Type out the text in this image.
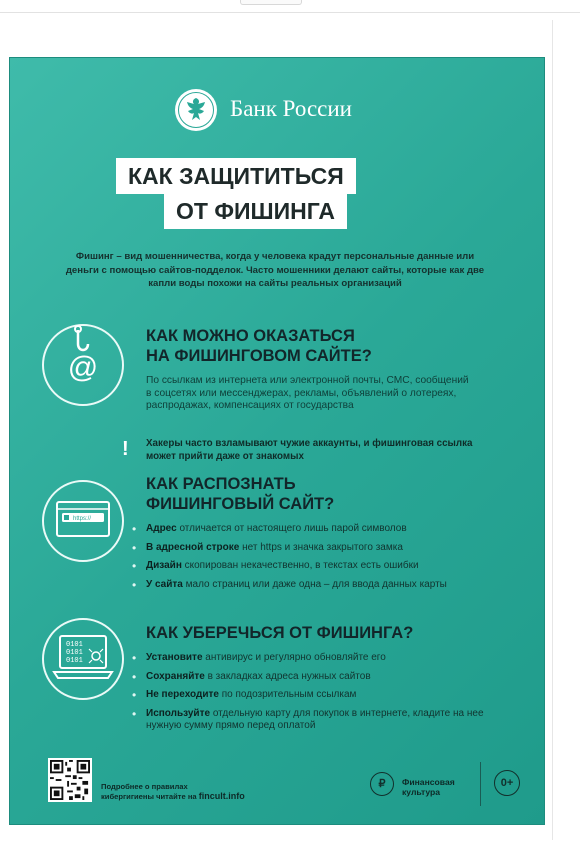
Банк России
КАК ЗАЩИТИТЬСЯ
ОТ ФИШИНГА
Фишинг – вид мошенничества, когда у человека крадут персональные данные или деньги с помощью сайтов-подделок. Часто мошенники делают сайты, которые как две капли воды похожи на сайты реальных организаций
@
КАК МОЖНО ОКАЗАТЬСЯ
НА ФИШИНГОВОМ САЙТЕ?
По ссылкам из интернета или электронной почты, СМС, сообщений в соцсетях или мессенджерах, рекламы, объявлений о лотереях, распродажах, компенсациях от государства
! Хакеры часто взламывают чужие аккаунты, и фишинговая ссылка может прийти даже от знакомых
https://
КАК РАСПОЗНАТЬ
ФИШИНГОВЫЙ САЙТ?
• Адрес отличается от настоящего лишь парой символов
• В адресной строке нет https и значка закрытого замка
• Дизайн скопирован некачественно, в текстах есть ошибки
• У сайта мало страниц или даже одна – для ввода данных карты
0101
0101
0101
КАК УБЕРЕЧЬСЯ ОТ ФИШИНГА?
• Установите антивирус и регулярно обновляйте его
• Сохраняйте в закладках адреса нужных сайтов
• Не переходите по подозрительным ссылкам
• Используйте отдельную карту для покупок в интернете, кладите на нее нужную сумму прямо перед оплатой
Подробнее о правилах
кибергигиены читайте на fincult.info
₽	Финансовая
культура
0+
